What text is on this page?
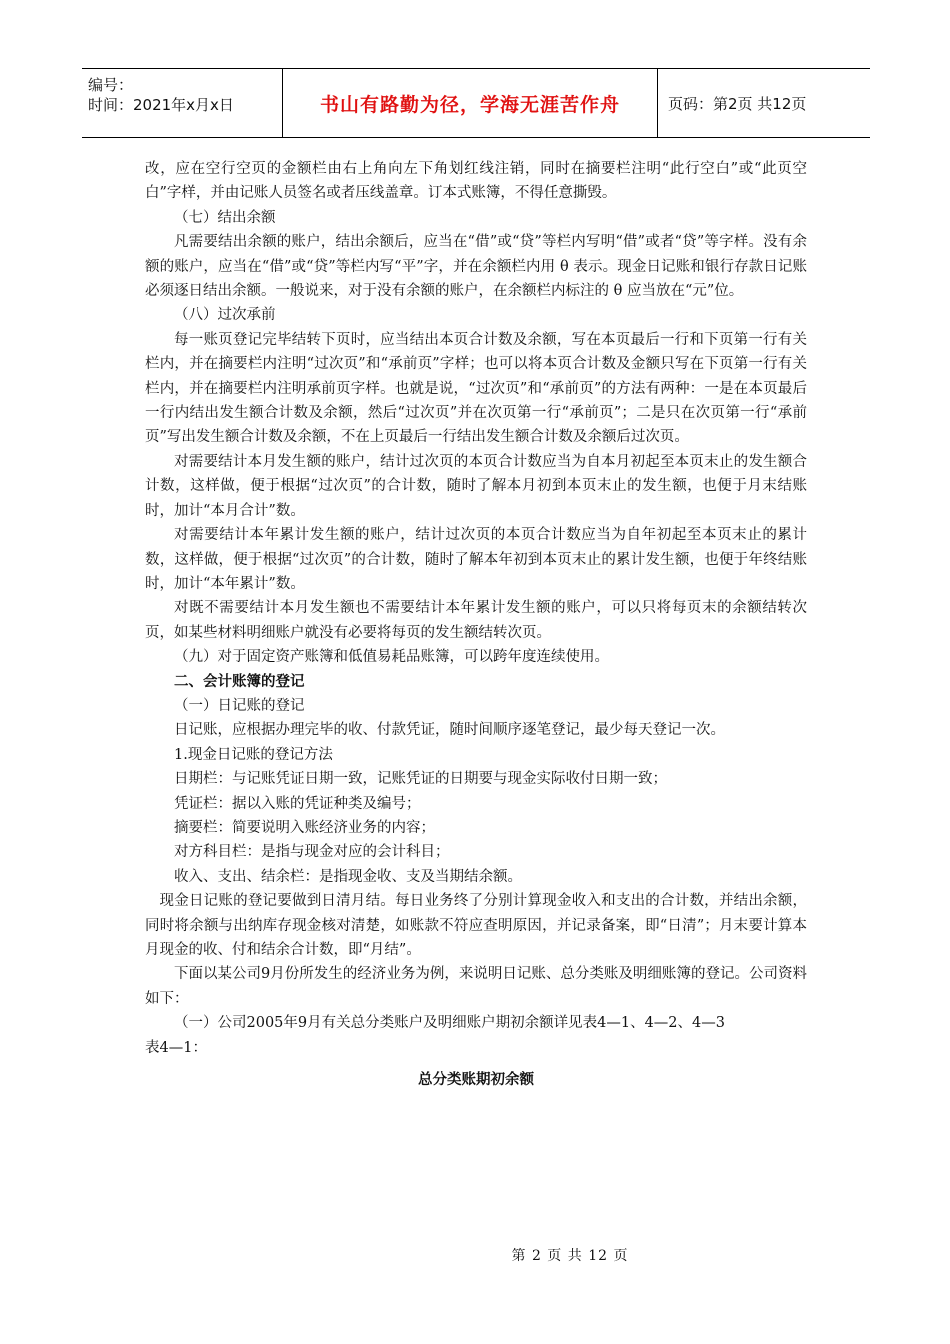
编号：
时间：2021年x月x日	书山有路勤为径，学海无涯苦作舟	页码：第2页 共12页

改，应在空行空页的金额栏由右上角向左下角划红线注销，同时在摘要栏注明“此行空白”或“此页空白”字样，并由记账人员签名或者压线盖章。订本式账簿，不得任意撕毁。

（七）结出余额

凡需要结出余额的账户，结出余额后，应当在“借”或“贷”等栏内写明“借”或者“贷”等字样。没有余额的账户，应当在“借”或“贷”等栏内写“平”字，并在余额栏内用 θ 表示。现金日记账和银行存款日记账必须逐日结出余额。一般说来，对于没有余额的账户，在余额栏内标注的 θ 应当放在“元”位。

（八）过次承前

每一账页登记完毕结转下页时，应当结出本页合计数及余额，写在本页最后一行和下页第一行有关栏内，并在摘要栏内注明“过次页”和“承前页”字样；也可以将本页合计数及金额只写在下页第一行有关栏内，并在摘要栏内注明承前页字样。也就是说，“过次页”和“承前页”的方法有两种：一是在本页最后一行内结出发生额合计数及余额，然后“过次页”并在次页第一行“承前页”；二是只在次页第一行“承前页”写出发生额合计数及余额，不在上页最后一行结出发生额合计数及余额后过次页。

对需要结计本月发生额的账户，结计过次页的本页合计数应当为自本月初起至本页末止的发生额合计数，这样做，便于根据“过次页”的合计数，随时了解本月初到本页末止的发生额，也便于月末结账时，加计“本月合计”数。

对需要结计本年累计发生额的账户，结计过次页的本页合计数应当为自年初起至本页末止的累计数，这样做，便于根据“过次页”的合计数，随时了解本年初到本页末止的累计发生额，也便于年终结账时，加计“本年累计”数。

对既不需要结计本月发生额也不需要结计本年累计发生额的账户，可以只将每页末的余额结转次页，如某些材料明细账户就没有必要将每页的发生额结转次页。

（九）对于固定资产账簿和低值易耗品账簿，可以跨年度连续使用。

二、会计账簿的登记

（一）日记账的登记

日记账，应根据办理完毕的收、付款凭证，随时间顺序逐笔登记，最少每天登记一次。

1.现金日记账的登记方法

日期栏：与记账凭证日期一致，记账凭证的日期要与现金实际收付日期一致；

凭证栏：据以入账的凭证种类及编号；

摘要栏：简要说明入账经济业务的内容；

对方科目栏：是指与现金对应的会计科目；

收入、支出、结余栏：是指现金收、支及当期结余额。

现金日记账的登记要做到日清月结。每日业务终了分别计算现金收入和支出的合计数，并结出余额，同时将余额与出纳库存现金核对清楚，如账款不符应查明原因，并记录备案，即“日清”；月末要计算本月现金的收、付和结余合计数，即“月结”。

下面以某公司9月份所发生的经济业务为例，来说明日记账、总分类账及明细账簿的登记。公司资料如下：

（一）公司2005年9月有关总分类账户及明细账户期初余额详见表4—1、4—2、4—3

表4—1：

总分类账期初余额

第 2 页 共 12 页
